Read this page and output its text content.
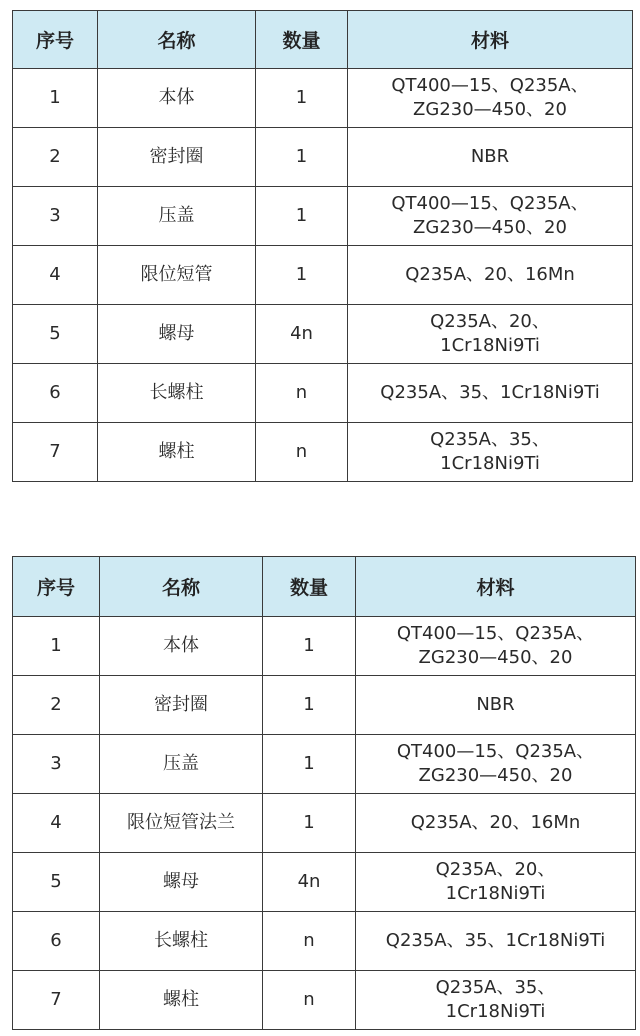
序号	名称	数量	材料
1	本体	1	QT400—15、Q235A、
ZG230—450、20
2	密封圈	1	NBR
3	压盖	1	QT400—15、Q235A、
ZG230—450、20
4	限位短管	1	Q235A、20、16Mn
5	螺母	4n	Q235A、20、
1Cr18Ni9Ti
6	长螺柱	n	Q235A、35、1Cr18Ni9Ti
7	螺柱	n	Q235A、35、
1Cr18Ni9Ti
序号	名称	数量	材料
1	本体	1	QT400—15、Q235A、
ZG230—450、20
2	密封圈	1	NBR
3	压盖	1	QT400—15、Q235A、
ZG230—450、20
4	限位短管法兰	1	Q235A、20、16Mn
5	螺母	4n	Q235A、20、
1Cr18Ni9Ti
6	长螺柱	n	Q235A、35、1Cr18Ni9Ti
7	螺柱	n	Q235A、35、
1Cr18Ni9Ti
